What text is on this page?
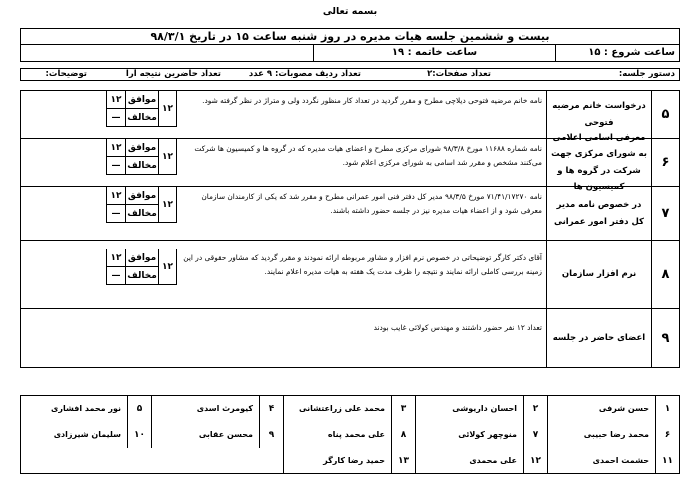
بسمه تعالی
بیست و ششمین جلسه هیات مدیره در روز شنبه ساعت ۱۵ در تاریخ ۹۸/۳/۱
ساعت شروع : ۱۵
ساعت خاتمه : ۱۹
دستور جلسه:
تعداد صفحات:۲
تعداد ردیف مصوبات: ۹ عدد
تعداد حاضرین
نتیجه آرا
توضیحات:
۵
درخواست خانم مرضیه فتوحی
نامه خانم مرضیه فتوحی دیلاچی مطرح و مقرر گردید در تعداد کار منظور نگردد ولی و متراژ در نظر گرفته شود.
۱۲
موافق
۱۲
مخالف
—
۶
معرفی اسامی اعلامی به شورای مرکزی جهت شرکت در گروه ها و کمیسیون ها
نامه شماره ۱۱۶۸۸ مورخ ۹۸/۳/۸ شورای مرکزی مطرح و اعضای هیات مدیره که در گروه ها و کمیسیون ها شرکت می‌کنند مشخص و مقرر شد اسامی به شورای مرکزی اعلام شود.
۱۲
موافق
۱۲
مخالف
—
۷
در خصوص نامه مدیر کل دفتر امور عمرانی
نامه ۷۱/۴۱/۱۷۲۷۰ مورخ ۹۸/۳/۵ مدیر کل دفتر فنی امور عمرانی مطرح و مقرر شد که یکی از کارمندان سازمان معرفی شود و از اعضاء هیات مدیره نیز در جلسه حضور داشته باشند.
۱۲
موافق
۱۲
مخالف
—
۸
نرم افزار سازمان
آقای دکتر کارگر توضیحاتی در خصوص نرم افزار و مشاور مربوطه ارائه نمودند و مقرر گردید که مشاور حقوقی در این زمینه بررسی کاملی ارائه نمایند و نتیجه را ظرف مدت یک هفته به هیات مدیره اعلام نمایند.
۱۲
موافق
۱۲
مخالف
—
۹
اعضای حاضر در جلسه
تعداد ۱۲ نفر حضور داشتند و مهندس کولائی غایب بودند
۱
حسن شرفی
۶
محمد رضا حبیبی
۱۱
حشمت احمدی
۲
احسان داریوشی
۷
منوچهر کولائی
۱۲
علی محمدی
۳
محمد علی زراعتشانی
۸
علی محمد پناه
۱۳
حمید رضا کارگر
۴
کیومرث اسدی
۹
محسن عقابی
۵
نور محمد افشاری
۱۰
سلیمان شیرزادی
